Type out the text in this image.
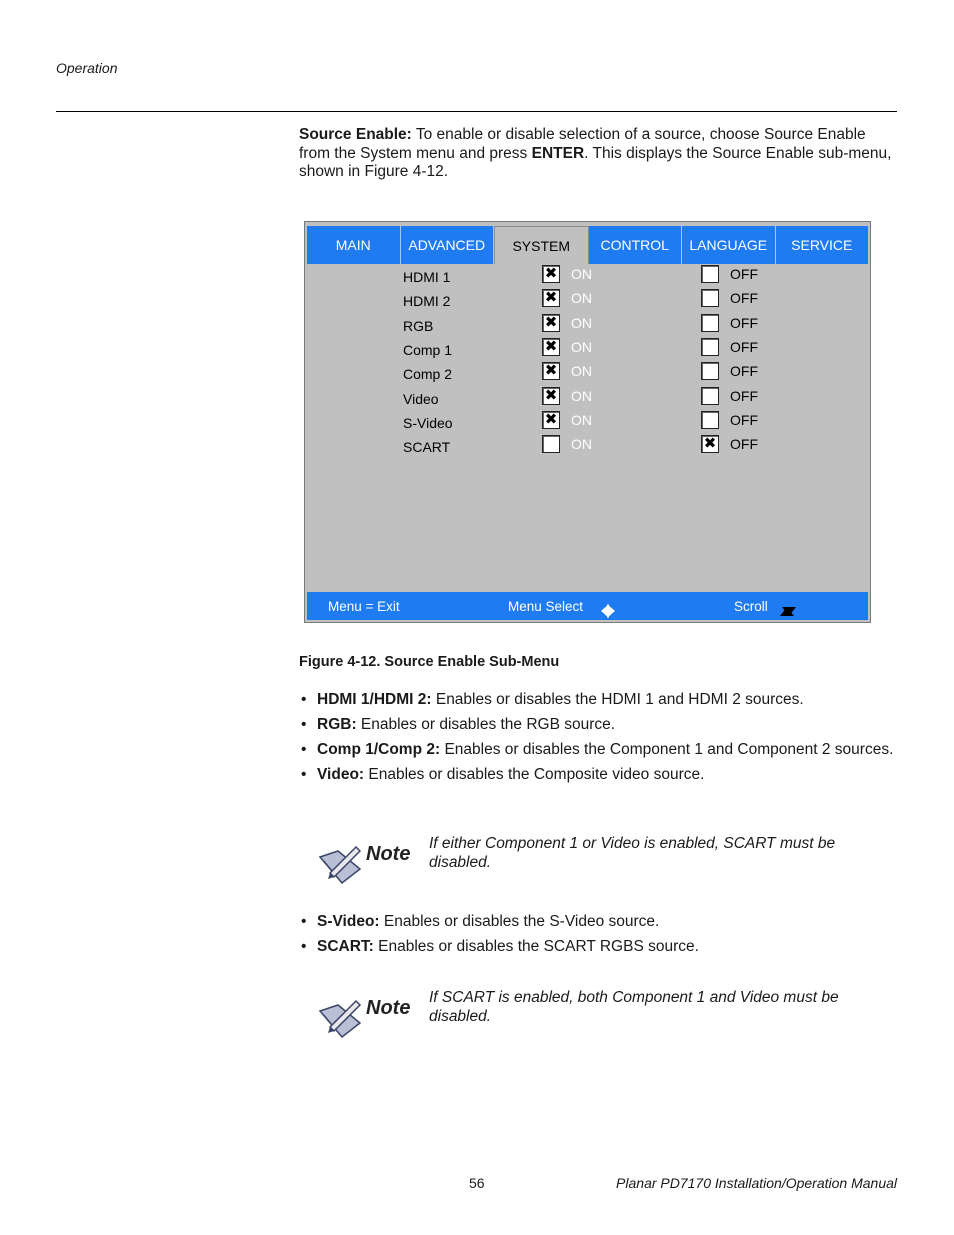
Operation
Source Enable: To enable or disable selection of a source, choose Source Enable from the System menu and press ENTER. This displays the Source Enable sub-menu, shown in Figure 4-12.
MAIN	ADVANCED	SYSTEM	CONTROL	LANGUAGE	SERVICE
HDMI 1	✖ ON	OFF
HDMI 2	✖ ON	OFF
RGB	✖ ON	OFF
Comp 1	✖ ON	OFF
Comp 2	✖ ON	OFF
Video	✖ ON	OFF
S-Video	✖ ON	OFF
SCART	ON	✖ OFF
Menu = Exit	Menu Select	Scroll
Figure 4-12. Source Enable Sub-Menu
• HDMI 1/HDMI 2: Enables or disables the HDMI 1 and HDMI 2 sources.
• RGB: Enables or disables the RGB source.
• Comp 1/Comp 2: Enables or disables the Component 1 and Component 2 sources.
• Video: Enables or disables the Composite video source.
Note If either Component 1 or Video is enabled, SCART must be disabled.
• S-Video: Enables or disables the S-Video source.
• SCART: Enables or disables the SCART RGBS source.
Note If SCART is enabled, both Component 1 and Video must be disabled.
56	Planar PD7170 Installation/Operation Manual
